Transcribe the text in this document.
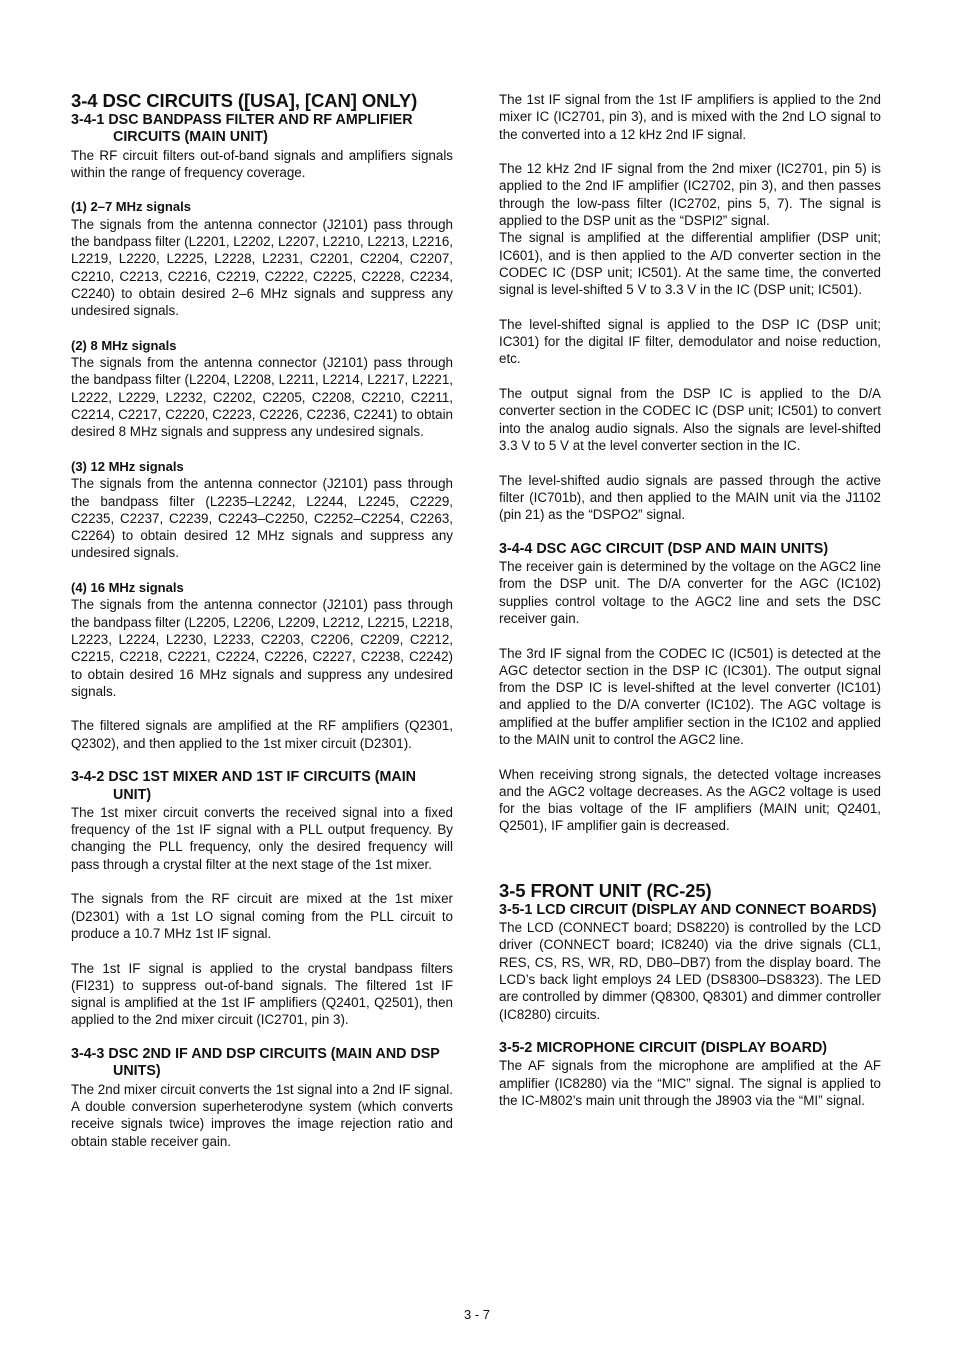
3-4 DSC CIRCUITS ([USA], [CAN] ONLY)
3-4-1 DSC BANDPASS FILTER AND RF AMPLIFIER CIRCUITS (MAIN UNIT)

The RF circuit filters out-of-band signals and amplifiers signals within the range of frequency coverage.

(1) 2–7 MHz signals

The signals from the antenna connector (J2101) pass through the bandpass filter (L2201, L2202, L2207, L2210, L2213, L2216, L2219, L2220, L2225, L2228, L2231, C2201, C2204, C2207, C2210, C2213, C2216, C2219, C2222, C2225, C2228, C2234, C2240) to obtain desired 2–6 MHz signals and suppress any undesired signals.

(2) 8 MHz signals

The signals from the antenna connector (J2101) pass through the bandpass filter (L2204, L2208, L2211, L2214, L2217, L2221, L2222, L2229, L2232, C2202, C2205, C2208, C2210, C2211, C2214, C2217, C2220, C2223, C2226, C2236, C2241) to obtain desired 8 MHz signals and suppress any undesired signals.

(3) 12 MHz signals

The signals from the antenna connector (J2101) pass through the bandpass filter (L2235–L2242, L2244, L2245, C2229, C2235, C2237, C2239, C2243–C2250, C2252–C2254, C2263, C2264) to obtain desired 12 MHz signals and suppress any undesired signals.

(4) 16 MHz signals

The signals from the antenna connector (J2101) pass through the bandpass filter (L2205, L2206, L2209, L2212, L2215, L2218, L2223, L2224, L2230, L2233, C2203, C2206, C2209, C2212, C2215, C2218, C2221, C2224, C2226, C2227, C2238, C2242) to obtain desired 16 MHz signals and suppress any undesired signals.

The filtered signals are amplified at the RF amplifiers (Q2301, Q2302), and then applied to the 1st mixer circuit (D2301).

3-4-2 DSC 1ST MIXER AND 1ST IF CIRCUITS (MAIN UNIT)

The 1st mixer circuit converts the received signal into a fixed frequency of the 1st IF signal with a PLL output frequency. By changing the PLL frequency, only the desired frequency will pass through a crystal filter at the next stage of the 1st mixer.

The signals from the RF circuit are mixed at the 1st mixer (D2301) with a 1st LO signal coming from the PLL circuit to produce a 10.7 MHz 1st IF signal.

The 1st IF signal is applied to the crystal bandpass filters (FI231) to suppress out-of-band signals. The filtered 1st IF signal is amplified at the 1st IF amplifiers (Q2401, Q2501), then applied to the 2nd mixer circuit (IC2701, pin 3).

3-4-3 DSC 2ND IF AND DSP CIRCUITS (MAIN AND DSP UNITS)

The 2nd mixer circuit converts the 1st signal into a 2nd IF signal. A double conversion superheterodyne system (which converts receive signals twice) improves the image rejection ratio and obtain stable receiver gain.

The 1st IF signal from the 1st IF amplifiers is applied to the 2nd mixer IC (IC2701, pin 3), and is mixed with the 2nd LO signal to the converted into a 12 kHz 2nd IF signal.

The 12 kHz 2nd IF signal from the 2nd mixer (IC2701, pin 5) is applied to the 2nd IF amplifier (IC2702, pin 3), and then passes through the low-pass filter (IC2702, pins 5, 7). The signal is applied to the DSP unit as the “DSPI2” signal.

The signal is amplified at the differential amplifier (DSP unit; IC601), and is then applied to the A/D converter section in the CODEC IC (DSP unit; IC501). At the same time, the converted signal is level-shifted 5 V to 3.3 V in the IC (DSP unit; IC501).

The level-shifted signal is applied to the DSP IC (DSP unit; IC301) for the digital IF filter, demodulator and noise reduction, etc.

The output signal from the DSP IC is applied to the D/A converter section in the CODEC IC (DSP unit; IC501) to convert into the analog audio signals. Also the signals are level-shifted 3.3 V to 5 V at the level converter section in the IC.

The level-shifted audio signals are passed through the active filter (IC701b), and then applied to the MAIN unit via the J1102 (pin 21) as the “DSPO2” signal.

3-4-4 DSC AGC CIRCUIT (DSP AND MAIN UNITS)

The receiver gain is determined by the voltage on the AGC2 line from the DSP unit. The D/A converter for the AGC (IC102) supplies control voltage to the AGC2 line and sets the DSC receiver gain.

The 3rd IF signal from the CODEC IC (IC501) is detected at the AGC detector section in the DSP IC (IC301). The output signal from the DSP IC is level-shifted at the level converter (IC101) and applied to the D/A converter (IC102). The AGC voltage is amplified at the buffer amplifier section in the IC102 and applied to the MAIN unit to control the AGC2 line.

When receiving strong signals, the detected voltage increases and the AGC2 voltage decreases. As the AGC2 voltage is used for the bias voltage of the IF amplifiers (MAIN unit; Q2401, Q2501), IF amplifier gain is decreased.

3-5 FRONT UNIT (RC-25)
3-5-1 LCD CIRCUIT (DISPLAY AND CONNECT BOARDS)

The LCD (CONNECT board; DS8220) is controlled by the LCD driver (CONNECT board; IC8240) via the drive signals (CL1, RES, CS, RS, WR, RD, DB0–DB7) from the display board. The LCD’s back light employs 24 LED (DS8300–DS8323). The LED are controlled by dimmer (Q8300, Q8301) and dimmer controller (IC8280) circuits.

3-5-2 MICROPHONE CIRCUIT (DISPLAY BOARD)

The AF signals from the microphone are amplified at the AF amplifier (IC8280) via the “MIC” signal. The signal is applied to the IC-M802’s main unit through the J8903 via the “MI” signal.

3 - 7
